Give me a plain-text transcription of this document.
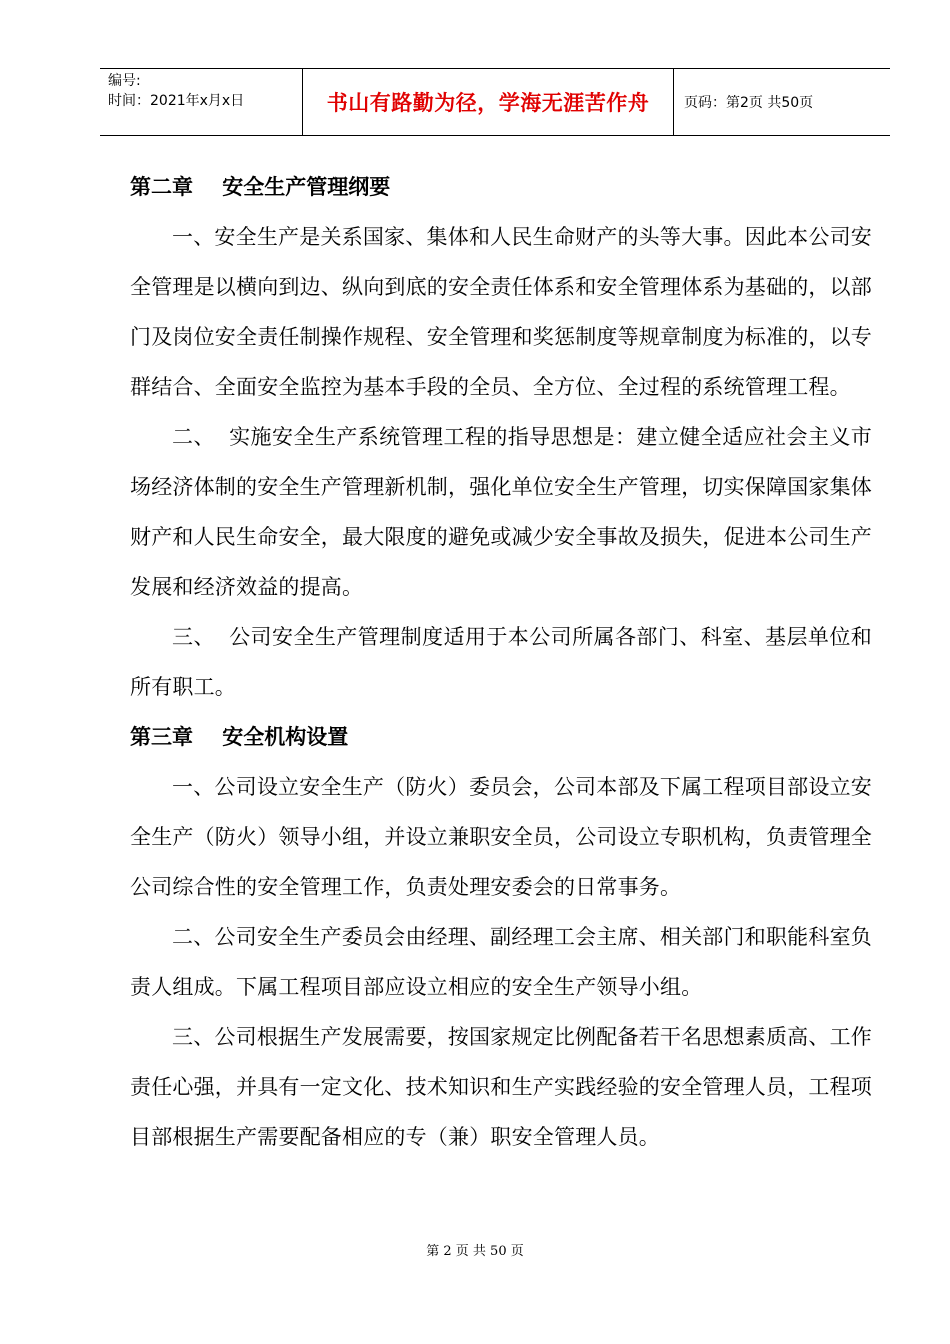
编号:
时间：2021年x月x日	书山有路勤为径，学海无涯苦作舟	页码：第2页 共50页
第二章    安全生产管理纲要

一、安全生产是关系国家、集体和人民生命财产的头等大事。因此本公司安全管理是以横向到边、纵向到底的安全责任体系和安全管理体系为基础的，以部门及岗位安全责任制操作规程、安全管理和奖惩制度等规章制度为标准的，以专群结合、全面安全监控为基本手段的全员、全方位、全过程的系统管理工程。

二、  实施安全生产系统管理工程的指导思想是：建立健全适应社会主义市场经济体制的安全生产管理新机制，强化单位安全生产管理，切实保障国家集体财产和人民生命安全，最大限度的避免或减少安全事故及损失，促进本公司生产发展和经济效益的提高。

三、  公司安全生产管理制度适用于本公司所属各部门、科室、基层单位和所有职工。

第三章    安全机构设置

一、公司设立安全生产（防火）委员会，公司本部及下属工程项目部设立安全生产（防火）领导小组，并设立兼职安全员，公司设立专职机构，负责管理全公司综合性的安全管理工作，负责处理安委会的日常事务。

二、公司安全生产委员会由经理、副经理工会主席、相关部门和职能科室负责人组成。下属工程项目部应设立相应的安全生产领导小组。

三、公司根据生产发展需要，按国家规定比例配备若干名思想素质高、工作责任心强，并具有一定文化、技术知识和生产实践经验的安全管理人员，工程项目部根据生产需要配备相应的专（兼）职安全管理人员。

第 2 页 共 50 页
